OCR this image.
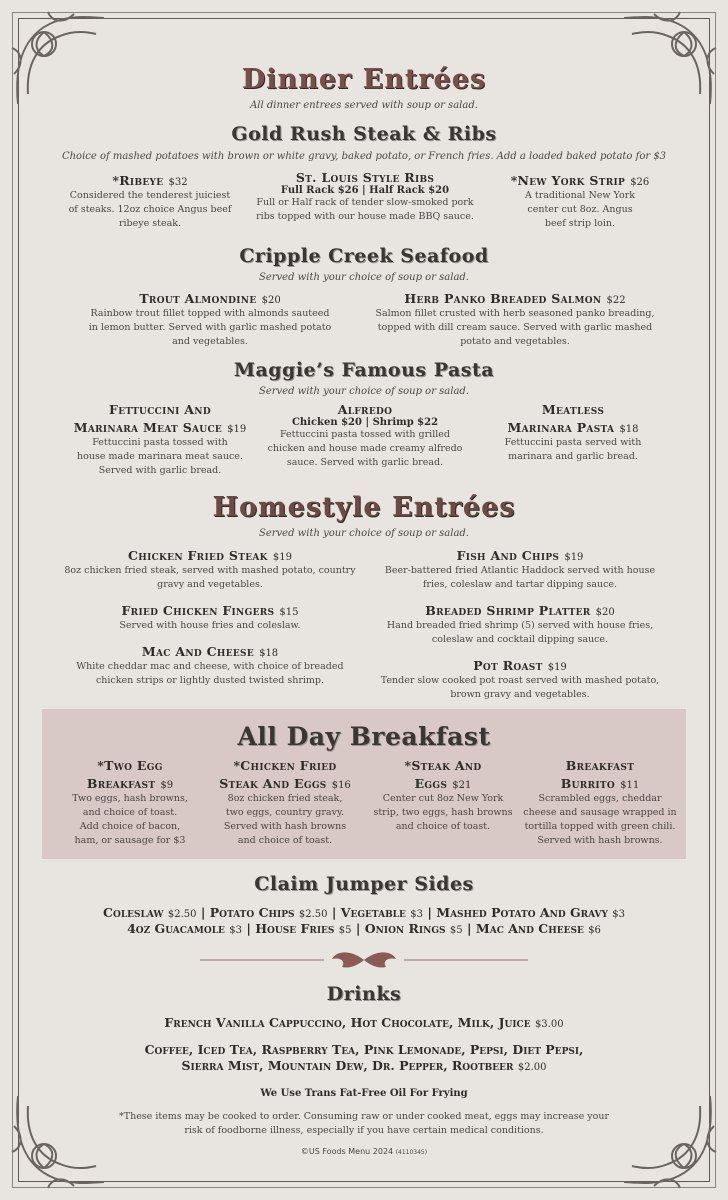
Dinner Entrées
All dinner entrees served with soup or salad.
Gold Rush Steak & Ribs
Choice of mashed potatoes with brown or white gravy, baked potato, or French fries. Add a loaded baked potato for $3
*Ribeye $32
Considered the tenderest juiciest
of steaks. 12oz choice Angus beef
ribeye steak.
St. Louis Style Ribs
Full Rack $26 | Half Rack $20
Full or Half rack of tender slow-smoked pork
ribs topped with our house made BBQ sauce.
*New York Strip $26
A traditional New York
center cut 8oz. Angus
beef strip loin.
Cripple Creek Seafood
Served with your choice of soup or salad.
Trout Almondine $20
Rainbow trout fillet topped with almonds sauteed
in lemon butter. Served with garlic mashed potato
and vegetables.
Herb Panko Breaded Salmon $22
Salmon fillet crusted with herb seasoned panko breading,
topped with dill cream sauce. Served with garlic mashed
potato and vegetables.
Maggie’s Famous Pasta
Served with your choice of soup or salad.
Fettuccini And
Marinara Meat Sauce $19
Fettuccini pasta tossed with
house made marinara meat sauce.
Served with garlic bread.
Alfredo
Chicken $20 | Shrimp $22
Fettuccini pasta tossed with grilled
chicken and house made creamy alfredo
sauce. Served with garlic bread.
Meatless
Marinara Pasta $18
Fettuccini pasta served with
marinara and garlic bread.
Homestyle Entrées
Served with your choice of soup or salad.
Chicken Fried Steak $19
8oz chicken fried steak, served with mashed potato, country
gravy and vegetables.
Fish And Chips $19
Beer-battered fried Atlantic Haddock served with house
fries, coleslaw and tartar dipping sauce.
Fried Chicken Fingers $15
Served with house fries and coleslaw.
Breaded Shrimp Platter $20
Hand breaded fried shrimp (5) served with house fries,
coleslaw and cocktail dipping sauce.
Mac And Cheese $18
White cheddar mac and cheese, with choice of breaded
chicken strips or lightly dusted twisted shrimp.
Pot Roast $19
Tender slow cooked pot roast served with mashed potato,
brown gravy and vegetables.
All Day Breakfast
*Two Egg
Breakfast $9
Two eggs, hash browns,
and choice of toast.
Add choice of bacon,
ham, or sausage for $3
*Chicken Fried
Steak And Eggs $16
8oz chicken fried steak,
two eggs, country gravy.
Served with hash browns
and choice of toast.
*Steak And
Eggs $21
Center cut 8oz New York
strip, two eggs, hash browns
and choice of toast.
Breakfast
Burrito $11
Scrambled eggs, cheddar
cheese and sausage wrapped in
tortilla topped with green chili.
Served with hash browns.
Claim Jumper Sides
Coleslaw $2.50 | Potato Chips $2.50 | Vegetable $3 | Mashed Potato And Gravy $3
4oz Guacamole $3 | House Fries $5 | Onion Rings $5 | Mac And Cheese $6
Drinks
French Vanilla Cappuccino, Hot Chocolate, Milk, Juice $3.00
Coffee, Iced Tea, Raspberry Tea, Pink Lemonade, Pepsi, Diet Pepsi,
Sierra Mist, Mountain Dew, Dr. Pepper, Rootbeer $2.00
We Use Trans Fat-Free Oil For Frying
*These items may be cooked to order. Consuming raw or under cooked meat, eggs may increase your
risk of foodborne illness, especially if you have certain medical conditions.
©US Foods Menu 2024 (4110345)
